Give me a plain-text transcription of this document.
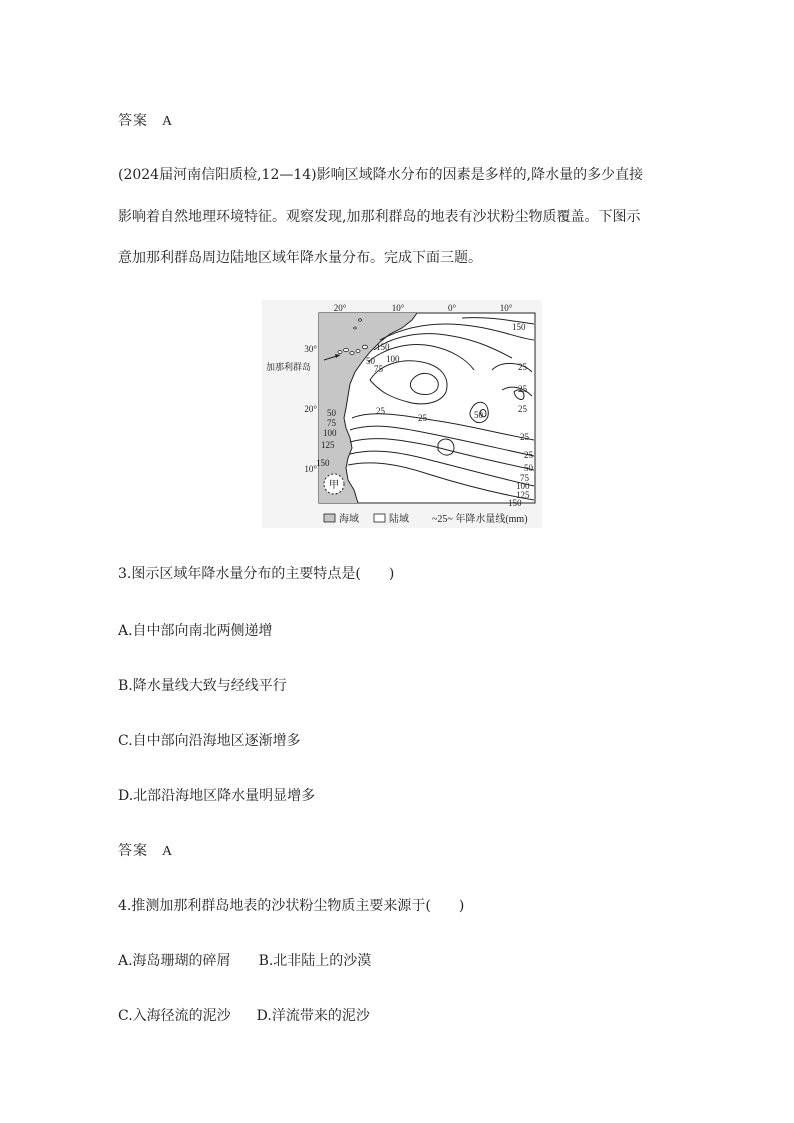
答案 A
(2024届河南信阳质检,12—14)影响区域降水分布的因素是多样的,降水量的多少直接
影响着自然地理环境特征。观察发现,加那利群岛的地表有沙状粉尘物质覆盖。下图示
意加那利群岛周边陆地区域年降水量分布。完成下面三题。
甲
20°	10°	0°	10°
30°
20°
10°
加那利群岛
150
150
100
50
75	25
25
25
25	50
25
25
50
75
100
125
150
25
50
75
100
125
150
海域	陆域 ~25~ 年降水量线(mm)
3.图示区域年降水量分布的主要特点是(　　)
A.自中部向南北两侧递增
B.降水量线大致与经线平行
C.自中部向沿海地区逐渐增多
D.北部沿海地区降水量明显增多
答案 A
4.推测加那利群岛地表的沙状粉尘物质主要来源于(　　)
A.海岛珊瑚的碎屑 B.北非陆上的沙漠
C.入海径流的泥沙 D.洋流带来的泥沙
